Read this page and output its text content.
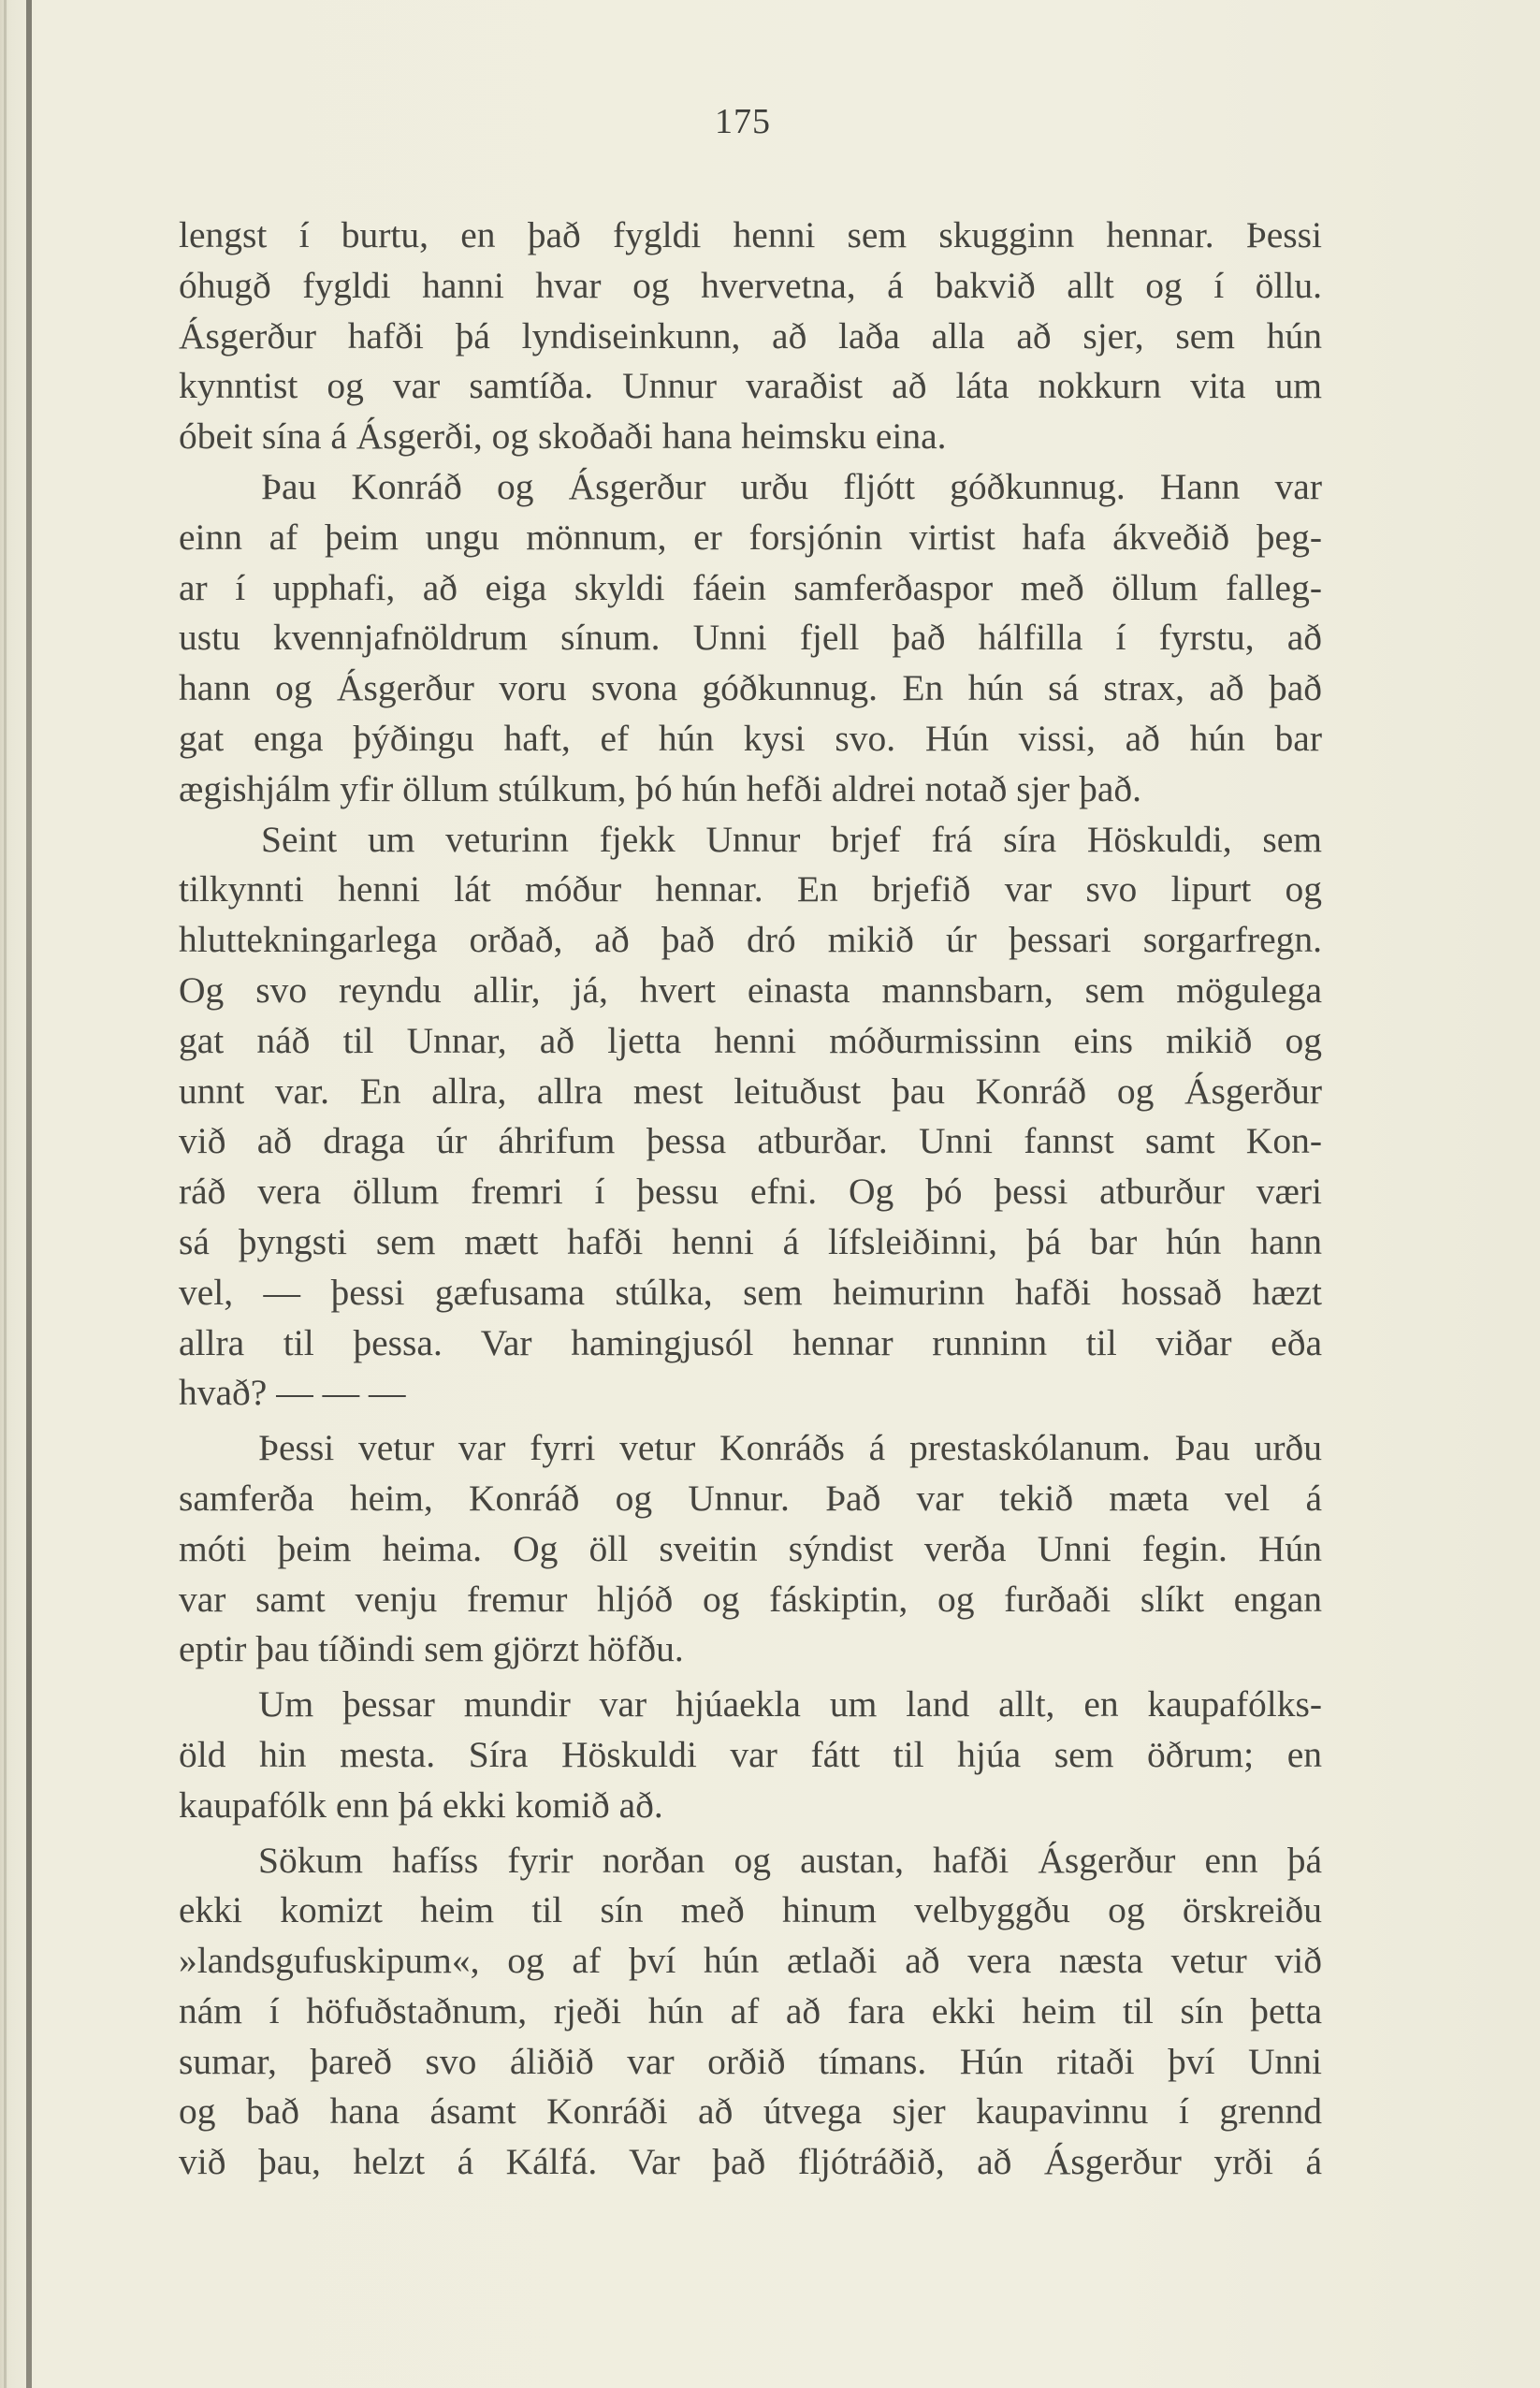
175
lengst í burtu, en það fygldi henni sem skugginn hennar. Þessi
óhugð fygldi hanni hvar og hvervetna, á bakvið allt og í öllu.
Ásgerður hafði þá lyndiseinkunn, að laða alla að sjer, sem hún
kynntist og var samtíða. Unnur varaðist að láta nokkurn vita um
óbeit sína á Ásgerði, og skoðaði hana heimsku eina.
Þau Konráð og Ásgerður urðu fljótt góðkunnug. Hann var
einn af þeim ungu mönnum, er forsjónin virtist hafa ákveðið þeg-
ar í upphafi, að eiga skyldi fáein samferðaspor með öllum falleg-
ustu kvennjafnöldrum sínum. Unni fjell það hálfilla í fyrstu, að
hann og Ásgerður voru svona góðkunnug. En hún sá strax, að það
gat enga þýðingu haft, ef hún kysi svo. Hún vissi, að hún bar
ægishjálm yfir öllum stúlkum, þó hún hefði aldrei notað sjer það.
Seint um veturinn fjekk Unnur brjef frá síra Höskuldi, sem
tilkynnti henni lát móður hennar. En brjefið var svo lipurt og
hluttekningarlega orðað, að það dró mikið úr þessari sorgarfregn.
Og svo reyndu allir, já, hvert einasta mannsbarn, sem mögulega
gat náð til Unnar, að ljetta henni móðurmissinn eins mikið og
unnt var. En allra, allra mest leituðust þau Konráð og Ásgerður
við að draga úr áhrifum þessa atburðar. Unni fannst samt Kon-
ráð vera öllum fremri í þessu efni. Og þó þessi atburður væri
sá þyngsti sem mætt hafði henni á lífsleiðinni, þá bar hún hann
vel, — þessi gæfusama stúlka, sem heimurinn hafði hossað hæzt
allra til þessa. Var hamingjusól hennar runninn til viðar eða
hvað? — — —
Þessi vetur var fyrri vetur Konráðs á prestaskólanum. Þau urðu
samferða heim, Konráð og Unnur. Það var tekið mæta vel á
móti þeim heima. Og öll sveitin sýndist verða Unni fegin. Hún
var samt venju fremur hljóð og fáskiptin, og furðaði slíkt engan
eptir þau tíðindi sem gjörzt höfðu.
Um þessar mundir var hjúaekla um land allt, en kaupafólks-
öld hin mesta. Síra Höskuldi var fátt til hjúa sem öðrum; en
kaupafólk enn þá ekki komið að.
Sökum hafíss fyrir norðan og austan, hafði Ásgerður enn þá
ekki komizt heim til sín með hinum velbyggðu og örskreiðu
»landsgufuskipum«, og af því hún ætlaði að vera næsta vetur við
nám í höfuðstaðnum, rjeði hún af að fara ekki heim til sín þetta
sumar, þareð svo áliðið var orðið tímans. Hún ritaði því Unni
og bað hana ásamt Konráði að útvega sjer kaupavinnu í grennd
við þau, helzt á Kálfá. Var það fljótráðið, að Ásgerður yrði á
